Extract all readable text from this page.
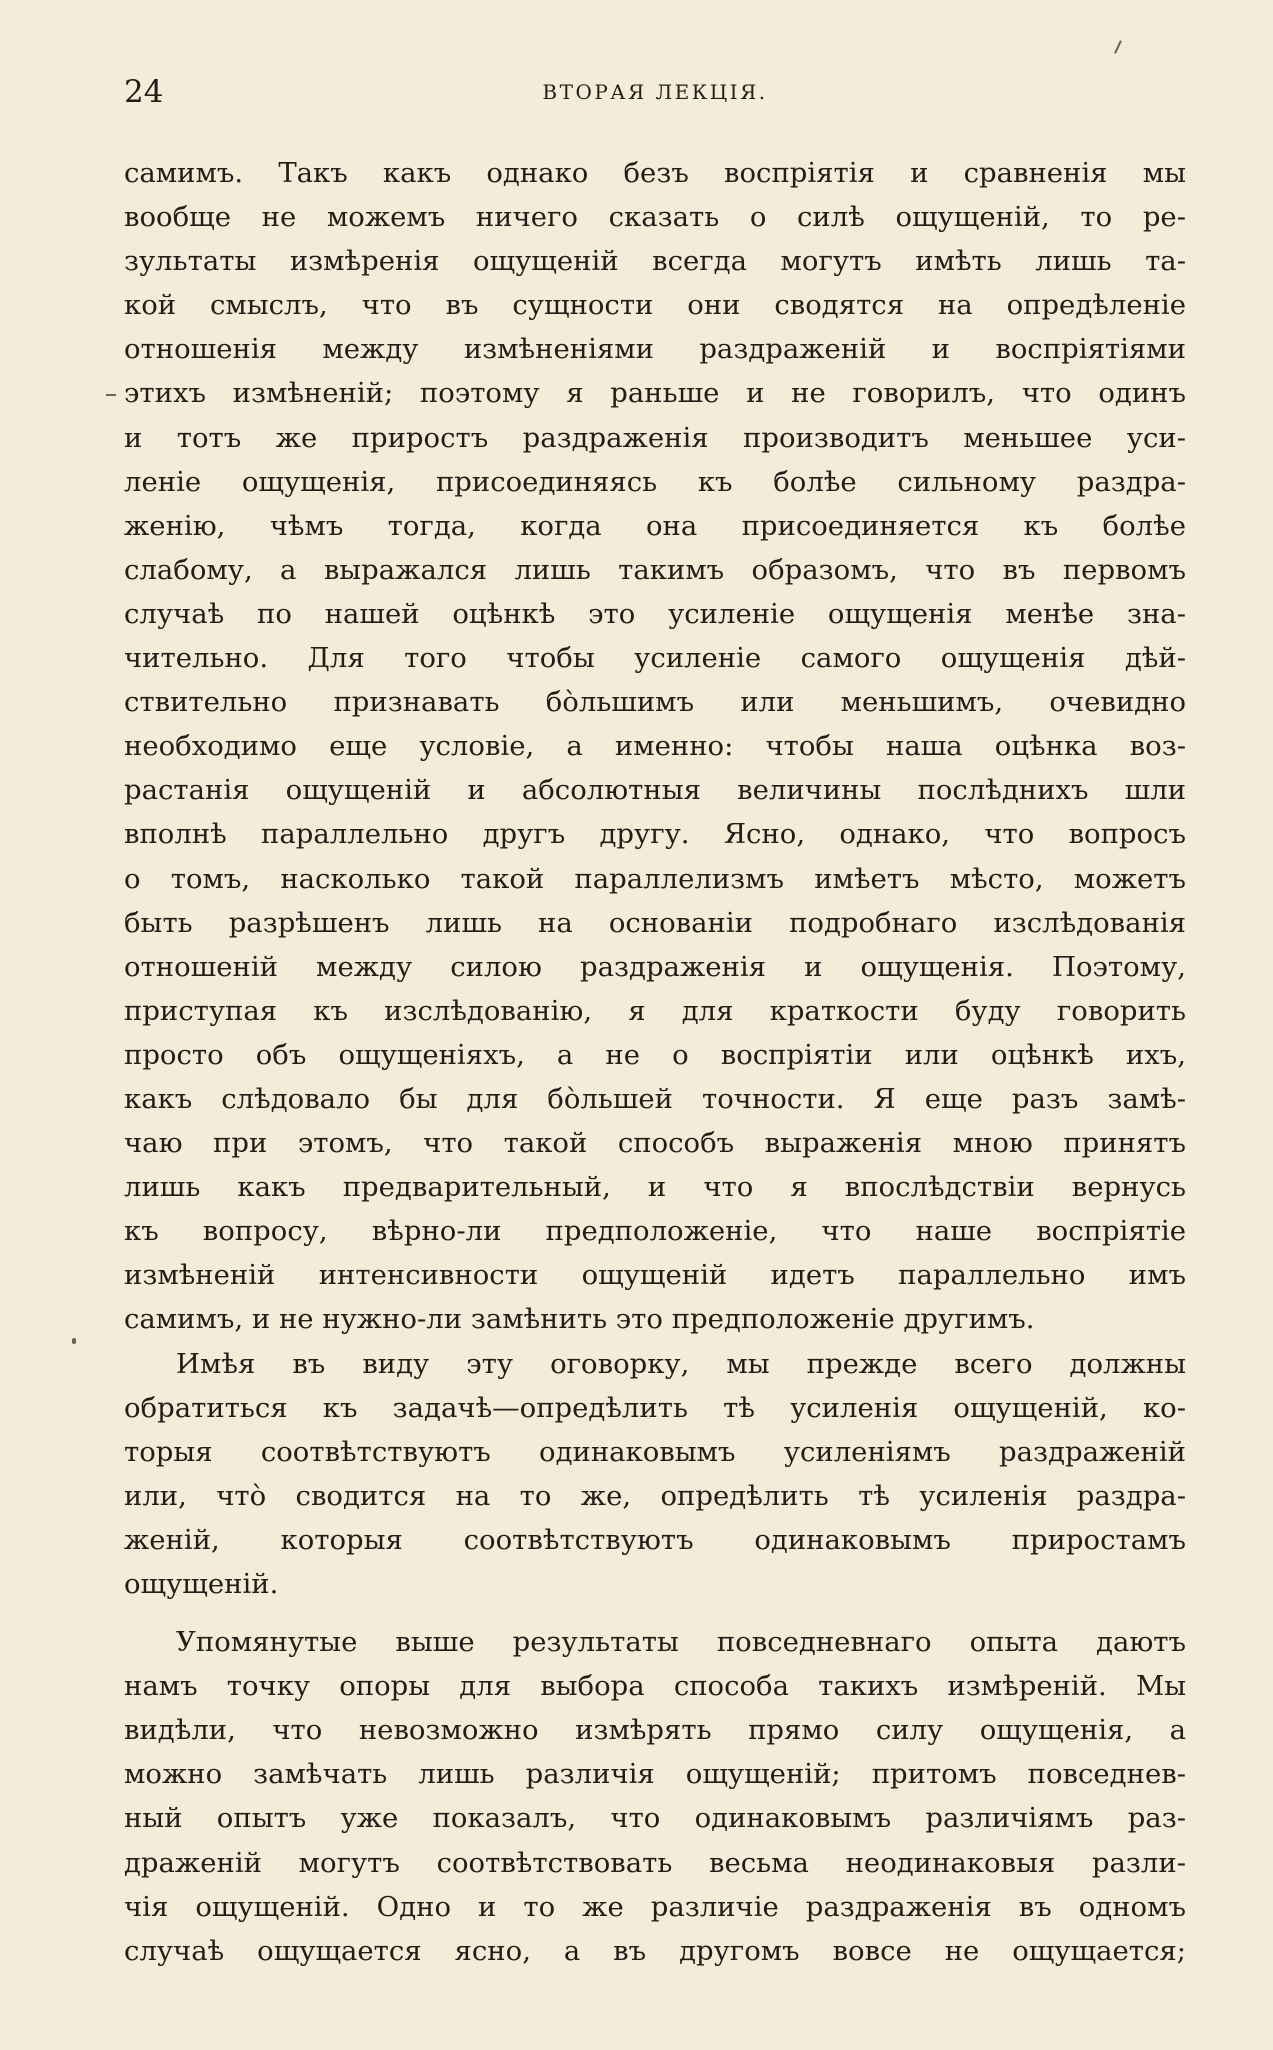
24	ВТОРАЯ ЛЕКЦІЯ.
самимъ. Такъ какъ однако безъ воспріятія и сравненія мы
вообще не можемъ ничего сказать о силѣ ощущеній, то ре-
зультаты измѣренія ощущеній всегда могутъ имѣть лишь та-
кой смыслъ, что въ сущности они сводятся на опредѣленіе
отношенія между измѣненіями раздраженій и воспріятіями
этихъ измѣненій; поэтому я раньше и не говорилъ, что одинъ
и тотъ же приростъ раздраженія производитъ меньшее уси-
леніе ощущенія, присоединяясь къ болѣе сильному раздра-
женію, чѣмъ тогда, когда она присоединяется къ болѣе
слабому, а выражался лишь такимъ образомъ, что въ первомъ
случаѣ по нашей оцѣнкѣ это усиленіе ощущенія менѣе зна-
чительно. Для того чтобы усиленіе самого ощущенія дѣй-
ствительно признавать бо̀льшимъ или меньшимъ, очевидно
необходимо еще условіе, а именно: чтобы наша оцѣнка воз-
растанія ощущеній и абсолютныя величины послѣднихъ шли
вполнѣ параллельно другъ другу. Ясно, однако, что вопросъ
о томъ, насколько такой параллелизмъ имѣетъ мѣсто, можетъ
быть разрѣшенъ лишь на основаніи подробнаго изслѣдованія
отношеній между силою раздраженія и ощущенія. Поэтому,
приступая къ изслѣдованію, я для краткости буду говорить
просто объ ощущеніяхъ, а не о воспріятіи или оцѣнкѣ ихъ,
какъ слѣдовало бы для бо̀льшей точности. Я еще разъ замѣ-
чаю при этомъ, что такой способъ выраженія мною принятъ
лишь какъ предварительный, и что я впослѣдствіи вернусь
къ вопросу, вѣрно-ли предположеніе, что наше воспріятіе
измѣненій интенсивности ощущеній идетъ параллельно имъ
самимъ, и не нужно-ли замѣнить это предположеніе другимъ.
Имѣя въ виду эту оговорку, мы прежде всего должны
обратиться къ задачѣ—опредѣлить тѣ усиленія ощущеній, ко-
торыя соотвѣтствуютъ одинаковымъ усиленіямъ раздраженій
или, что̀ сводится на то же, опредѣлить тѣ усиленія раздра-
женій, которыя соотвѣтствуютъ одинаковымъ приростамъ
ощущеній.
Упомянутые выше результаты повседневнаго опыта даютъ
намъ точку опоры для выбора способа такихъ измѣреній. Мы
видѣли, что невозможно измѣрять прямо силу ощущенія, а
можно замѣчать лишь различія ощущеній; притомъ повседнев-
ный опытъ уже показалъ, что одинаковымъ различіямъ раз-
драженій могутъ соотвѣтствовать весьма неодинаковыя разли-
чія ощущеній. Одно и то же различіе раздраженія въ одномъ
случаѣ ощущается ясно, а въ другомъ вовсе не ощущается;
